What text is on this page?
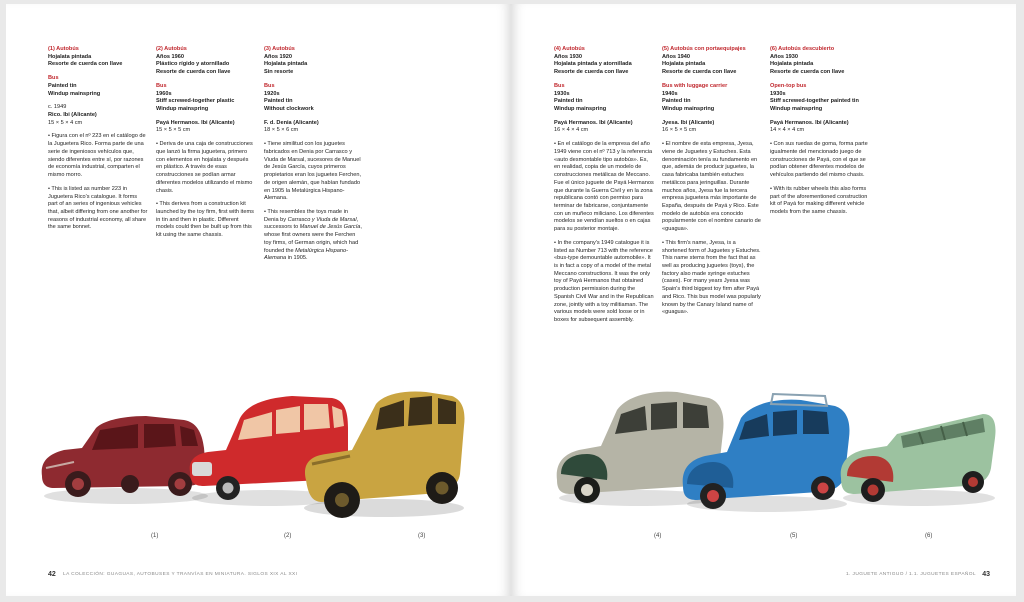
(1) Autobús
Hojalata pintada
Resorte de cuerda con llave
Bus
Painted tin
Windup mainspring
c. 1949
Rico. Ibi (Alicante)
15 × 5 × 4 cm

• Figura con el nº 223 en el catálogo de la Juguetera Rico. Forma parte de una serie de ingeniosos vehículos que, siendo diferentes entre sí, por razones de economía industrial, comparten el mismo morro.

• This is listed as number 223 in Juguetera Rico's catalogue. It forms part of an series of ingenious vehicles that, albeit differing from one another for reasons of industrial economy, all share the same bonnet.

(2) Autobús
Años 1960
Plástico rígido y atornillado
Resorte de cuerda con llave
Bus
1960s
Stiff screwed-together plastic
Windup mainspring
Payá Hermanos. Ibi (Alicante)
15 × 5 × 5 cm

• Deriva de una caja de construcciones que lanzó la firma juguetera, primero con elementos en hojalata y después en plástico. A través de esas construcciones se podían armar diferentes modelos utilizando el mismo chasis.

• This derives from a construction kit launched by the toy firm, first with items in tin and then in plastic. Different models could then be built up from this kit using the same chassis.

(3) Autobús
Años 1920
Hojalata pintada
Sin resorte
Bus
1920s
Painted tin
Without clockwork
F. d. Denia (Alicante)
18 × 5 × 6 cm

• Tiene similitud con los juguetes fabricados en Denia por Carrasco y Viuda de Marsal, sucesores de Manuel de Jesús García, cuyos primeros propietarios eran los juguetes Ferchen, de origen alemán, que habían fundado en 1905 la Metalúrgica Hispano-Alemana.

• This resembles the toys made in Denia by Carrasco y Viuda de Marsal, successors to Manuel de Jesús García, whose first owners were the Ferchen toy firms, of German origin, which had founded the Metalúrgica Hispano-Alemana in 1905.

(1)	(2)	(3)
42 LA COLECCIÓN: GUAGUAS, AUTOBUSES Y TRANVÍAS EN MINIATURA. SIGLOS XIX AL XXI
(4) Autobús
Años 1930
Hojalata pintada y atornillada
Resorte de cuerda con llave
Bus
1930s
Painted tin
Windup mainspring
Payá Hermanos. Ibi (Alicante)
16 × 4 × 4 cm

• En el catálogo de la empresa del año 1949 viene con el nº 713 y la referencia «auto desmontable tipo autobús». Es, en realidad, copia de un modelo de construcciones metálicas de Meccano. Fue el único juguete de Payá Hermanos que durante la Guerra Civil y en la zona republicana contó con permiso para terminar de fabricarse, conjuntamente con un muñeco miliciano. Los diferentes modelos se vendían sueltos o en cajas para su posterior montaje.

• In the company's 1949 catalogue it is listed as Number 713 with the reference «bus-type demountable automobile». It is in fact a copy of a model of the metal Meccano constructions. It was the only toy of Payá Hermanos that obtained production permission during the Spanish Civil War and in the Republican zone, jointly with a toy militiaman. The various models were sold loose or in boxes for subsequent assembly.

(5) Autobús con portaequipajes
Años 1940
Hojalata pintada
Resorte de cuerda con llave
Bus with luggage carrier
1940s
Painted tin
Windup mainspring
Jyesa. Ibi (Alicante)
16 × 5 × 5 cm

• El nombre de esta empresa, Jyesa, viene de Juguetes y Estuches. Esta denominación tenía su fundamento en que, además de producir juguetes, la casa fabricaba también estuches metálicos para jeringuillas. Durante muchos años, Jyesa fue la tercera empresa juguetera más importante de España, después de Payá y Rico. Este modelo de autobús era conocido popularmente con el nombre canario de «guagua».

• This firm's name, Jyesa, is a shortened form of Juguetes y Estuches. This name stems from the fact that as well as producing juguetes (toys), the factory also made syringe estuches (cases). For many years Jyesa was Spain's third biggest toy firm after Payá and Rico. This bus model was popularly known by the Canary Island name of «guagua».

(6) Autobús descubierto
Años 1930
Hojalata pintada
Resorte de cuerda con llave
Open-top bus
1930s
Stiff screwed-together painted tin
Windup mainspring
Payá Hermanos. Ibi (Alicante)
14 × 4 × 4 cm

• Con sus ruedas de goma, forma parte igualmente del mencionado juego de construcciones de Payá, con el que se podían obtener diferentes modelos de vehículos partiendo del mismo chasis.

• With its rubber wheels this also forms part of the aforementioned construction kit of Payá for making different vehicle models from the same chassis.

(4)	(5)	(6)
1. JUGUETE ANTIGUO / 1.1. JUGUETES ESPAÑOL 43
